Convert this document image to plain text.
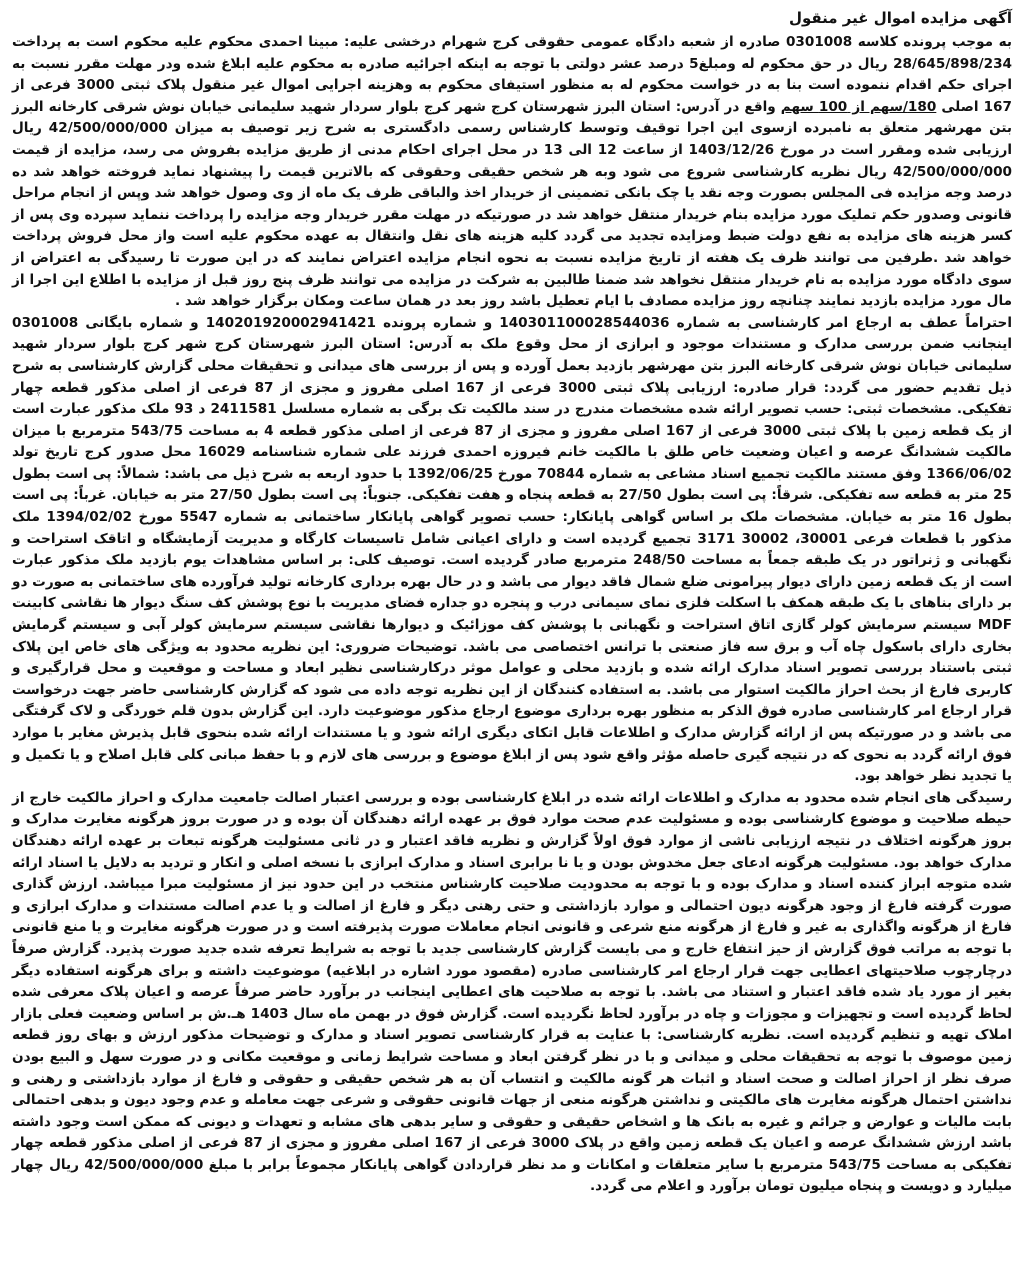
آگهی مزایده اموال غیر منقول

به موجب پرونده کلاسه 0301008 صادره از شعبه دادگاه عمومی حقوقی کرج شهرام درخشی علیه: مبینا احمدی محکوم علیه محکوم است به پرداخت 28/645/898/234 ریال در حق محکوم له ومبلغ5 درصد عشر دولتی با توجه به اینکه اجرائیه صادره به محکوم علیه ابلاغ شده ودر مهلت مقرر نسبت به اجرای حکم اقدام ننموده است بنا به در خواست محکوم له به منظور استیفای محکوم به وهزینه اجرایی اموال غیر منقول پلاک ثبتی 3000 فرعی از 167 اصلی 180/سهم از 100 سهم واقع در آدرس: استان البرز شهرستان کرج شهر کرج بلوار سردار شهید سلیمانی خیابان نوش شرقی کارخانه البرز بتن مهرشهر متعلق به نامبرده ازسوی این اجرا توقیف وتوسط کارشناس رسمی دادگستری به شرح زیر توصیف به میزان 42/500/000/000 ریال ارزیابی شده ومقرر است در مورخ 1403/12/26 از ساعت 12 الی 13 در محل اجرای احکام مدنی از طریق مزایده بفروش می رسد، مزایده از قیمت 42/500/000/000 ریال نظریه کارشناسی شروع می شود وبه هر شخص حقیقی وحقوقی که بالاترین قیمت را پیشنهاد نماید فروخته خواهد شد ده درصد وجه مزایده فی المجلس بصورت وجه نقد یا چک بانکی تضمینی از خریدار اخذ والباقی ظرف یک ماه از وی وصول خواهد شد وپس از انجام مراحل قانونی وصدور حکم تملیک مورد مزایده بنام خریدار منتقل خواهد شد در صورتیکه در مهلت مقرر خریدار وجه مزایده را پرداخت ننماید سپرده وی پس از کسر هزینه های مزایده به نفع دولت ضبط ومزایده تجدید می گردد کلیه هزینه های نقل وانتقال به عهده محکوم علیه است واز محل فروش پرداخت خواهد شد .طرفین می توانند ظرف یک هفته از تاریخ مزایده نسبت به نحوه انجام مزایده اعتراض نمایند که در این صورت تا رسیدگی به اعتراض از سوی دادگاه مورد مزایده به نام خریدار منتقل نخواهد شد ضمنا طالبین به شرکت در مزایده می توانند ظرف پنج روز قبل از مزایده با اطلاع این اجرا از مال مورد مزایده بازدید نمایند چنانچه روز مزایده مصادف با ایام تعطیل باشد روز بعد در همان ساعت ومکان برگزار خواهد شد .

احتراماً عطف به ارجاع امر کارشناسی به شماره 14030110002854403​6 و شماره پرونده 14020192000294142​1 و شماره بایگانی 0301008 اینجانب ضمن بررسی مدارک و مستندات موجود و ابرازی از محل وقوع ملک به آدرس: استان البرز شهرستان کرج شهر کرج بلوار سردار شهید سلیمانی خیابان نوش شرقی کارخانه البرز بتن مهرشهر بازدید بعمل آورده و پس از بررسی های میدانی و تحقیقات محلی گزارش کارشناسی به شرح ذیل تقدیم حضور می گردد: قرار صادره: ارزیابی پلاک ثبتی 3000 فرعی از 167 اصلی مفروز و مجزی از 87 فرعی از اصلی مذکور قطعه چهار تفکیکی. مشخصات ثبتی: حسب تصویر ارائه شده مشخصات مندرج در سند مالکیت تک برگی به شماره مسلسل 2411581 د 93 ملک مذکور عبارت است از یک قطعه زمین با پلاک ثبتی 3000 فرعی از 167 اصلی مفروز و مجزی از 87 فرعی از اصلی مذکور قطعه 4 به مساحت 543/75 مترمربع با میزان مالکیت ششدانگ عرصه و اعیان وضعیت خاص طلق با مالکیت خانم فیروزه احمدی فرزند علی شماره شناسنامه 16029 محل صدور کرج تاریخ تولد 1366/06/02 وفق مستند مالکیت تجمیع اسناد مشاعی به شماره 70844 مورخ 1392/06/25 با حدود اربعه به شرح ذیل می باشد: شمالاً: پی است بطول 25 متر به قطعه سه تفکیکی. شرقاً: پی است بطول 27/50 به قطعه پنجاه و هفت تفکیکی. جنوباً: پی است بطول 27/50 متر به خیابان. غرباً: پی است بطول 16 متر به خیابان. مشخصات ملک بر اساس گواهی پایانکار: حسب تصویر گواهی پایانکار ساختمانی به شماره 5547 مورخ 1394/02/02 ملک مذکور با قطعات فرعی 30001، 30002 3171 تجمیع گردیده است و دارای اعیانی شامل تاسیسات کارگاه و مدیریت آزمایشگاه و اتاقک استراحت و نگهبانی و ژنراتور در یک طبقه جمعاً به مساحت 248/50 مترمربع صادر گردیده است. توصیف کلی: بر اساس مشاهدات یوم بازدید ملک مذکور عبارت است از یک قطعه زمین دارای دیوار پیرامونی ضلع شمال فاقد دیوار می باشد و در حال بهره برداری کارخانه تولید فرآورده های ساختمانی به صورت دو بر دارای بناهای با یک طبقه همکف با اسکلت فلزی نمای سیمانی درب و پنجره دو جداره فضای مدیریت با نوع پوشش کف سنگ دیوار ها نقاشی کابینت MDF سیستم سرمایش کولر گازی اتاق استراحت و نگهبانی با پوشش کف موزائیک و دیوارها نقاشی سیستم سرمایش کولر آبی و سیستم گرمایش بخاری دارای باسکول چاه آب و برق سه فاز صنعتی با ترانس اختصاصی می باشد. توضیحات ضروری: این نظریه محدود به ویژگی های خاص این پلاک ثبتی باستناد بررسی تصویر اسناد مدارک ارائه شده و بازدید محلی و عوامل موثر درکارشناسی نظیر ابعاد و مساحت و موقعیت و محل قرارگیری و کاربری فارغ از بحث احراز مالکیت استوار می باشد. به استفاده کنندگان از این نظریه توجه داده می شود که گزارش کارشناسی حاضر جهت درخواست قرار ارجاع امر کارشناسی صادره فوق الذکر به منظور بهره برداری موضوع ارجاع مذکور موضوعیت دارد. این گزارش بدون قلم خوردگی و لاک گرفتگی می باشد و در صورتیکه پس از ارائه گزارش مدارک و اطلاعات قابل اتکای دیگری ارائه شود و یا مستندات ارائه شده بنحوی قابل پذیرش مغایر با موارد فوق ارائه گردد به نحوی که در نتیجه گیری حاصله مؤثر واقع شود پس از ابلاغ موضوع و بررسی های لازم و با حفظ مبانی کلی قابل اصلاح و یا تکمیل و یا تجدید نظر خواهد بود.

رسیدگی های انجام شده محدود به مدارک و اطلاعات ارائه شده در ابلاغ کارشناسی بوده و بررسی اعتبار اصالت جامعیت مدارک و احراز مالکیت خارج از حیطه صلاحیت و موضوع کارشناسی بوده و مسئولیت عدم صحت موارد فوق بر عهده ارائه دهندگان آن بوده و در صورت بروز هرگونه مغایرت مدارک و بروز هرگونه اختلاف در نتیجه ارزیابی ناشی از موارد فوق اولاً گزارش و نظریه فاقد اعتبار و در ثانی مسئولیت هرگونه تبعات بر عهده ارائه دهندگان مدارک خواهد بود. مسئولیت هرگونه ادعای جعل مخدوش بودن و یا نا برابری اسناد و مدارک ابرازی با نسخه اصلی و انکار و تردید به دلایل یا اسناد ارائه شده متوجه ابراز کننده اسناد و مدارک بوده و با توجه به محدودیت صلاحیت کارشناس منتخب در این حدود نیز از مسئولیت مبرا میباشد. ارزش گذاری صورت گرفته فارغ از وجود هرگونه دیون احتمالی و موارد بازداشتی و حتی رهنی دیگر و فارغ از اصالت و یا عدم اصالت مستندات و مدارک ابرازی و فارغ از هرگونه واگذاری به غیر و فارغ از هرگونه منع شرعی و قانونی انجام معاملات صورت پذیرفته است و در صورت هرگونه مغایرت و یا منع قانونی با توجه به مراتب فوق گزارش از حیز انتفاع خارج و می بایست گزارش کارشناسی جدید با توجه به شرایط تعرفه شده جدید صورت پذیرد. گزارش صرفاً درچارچوب صلاحیتهای اعطایی جهت قرار ارجاع امر کارشناسی صادره (مقصود مورد اشاره در ابلاغیه) موضوعیت داشته و برای هرگونه استفاده دیگر بغیر از مورد یاد شده فاقد اعتبار و استناد می باشد. با توجه به صلاحیت های اعطایی اینجانب در برآورد حاضر صرفاً عرصه و اعیان پلاک معرفی شده لحاظ گردیده است و تجهیزات و مجوزات و چاه در برآورد لحاظ نگردیده است. گزارش فوق در بهمن ماه سال 1403 هـ.ش بر اساس وضعیت فعلی بازار املاک تهیه و تنظیم گردیده است. نظریه کارشناسی: با عنایت به قرار کارشناسی تصویر اسناد و مدارک و توضیحات مذکور ارزش و بهای روز قطعه زمین موصوف با توجه به تحقیقات محلی و میدانی و با در نظر گرفتن ابعاد و مساحت شرایط زمانی و موقعیت مکانی و در صورت سهل و البیع بودن صرف نظر از احراز اصالت و صحت اسناد و اثبات هر گونه مالکیت و انتساب آن به هر شخص حقیقی و حقوقی و فارغ از موارد بازداشتی و رهنی و نداشتن احتمال هرگونه مغایرت های مالکیتی و نداشتن هرگونه منعی از جهات قانونی حقوقی و شرعی جهت معامله و عدم وجود دیون و بدهی احتمالی بابت مالیات و عوارض و جرائم و غیره به بانک ها و اشخاص حقیقی و حقوقی و سایر بدهی های مشابه و تعهدات و دیونی که ممکن است وجود داشته باشد ارزش ششدانگ عرصه و اعیان یک قطعه زمین واقع در پلاک 3000 فرعی از 167 اصلی مفروز و مجزی از 87 فرعی از اصلی مذکور قطعه چهار تفکیکی به مساحت 543/75 مترمربع با سایر متعلقات و امکانات و مد نظر قراردادن گواهی پایانکار مجموعاً برابر با مبلغ 42/500/000/000 ریال چهار میلیارد و دویست و پنجاه میلیون تومان برآورد و اعلام می گردد.
